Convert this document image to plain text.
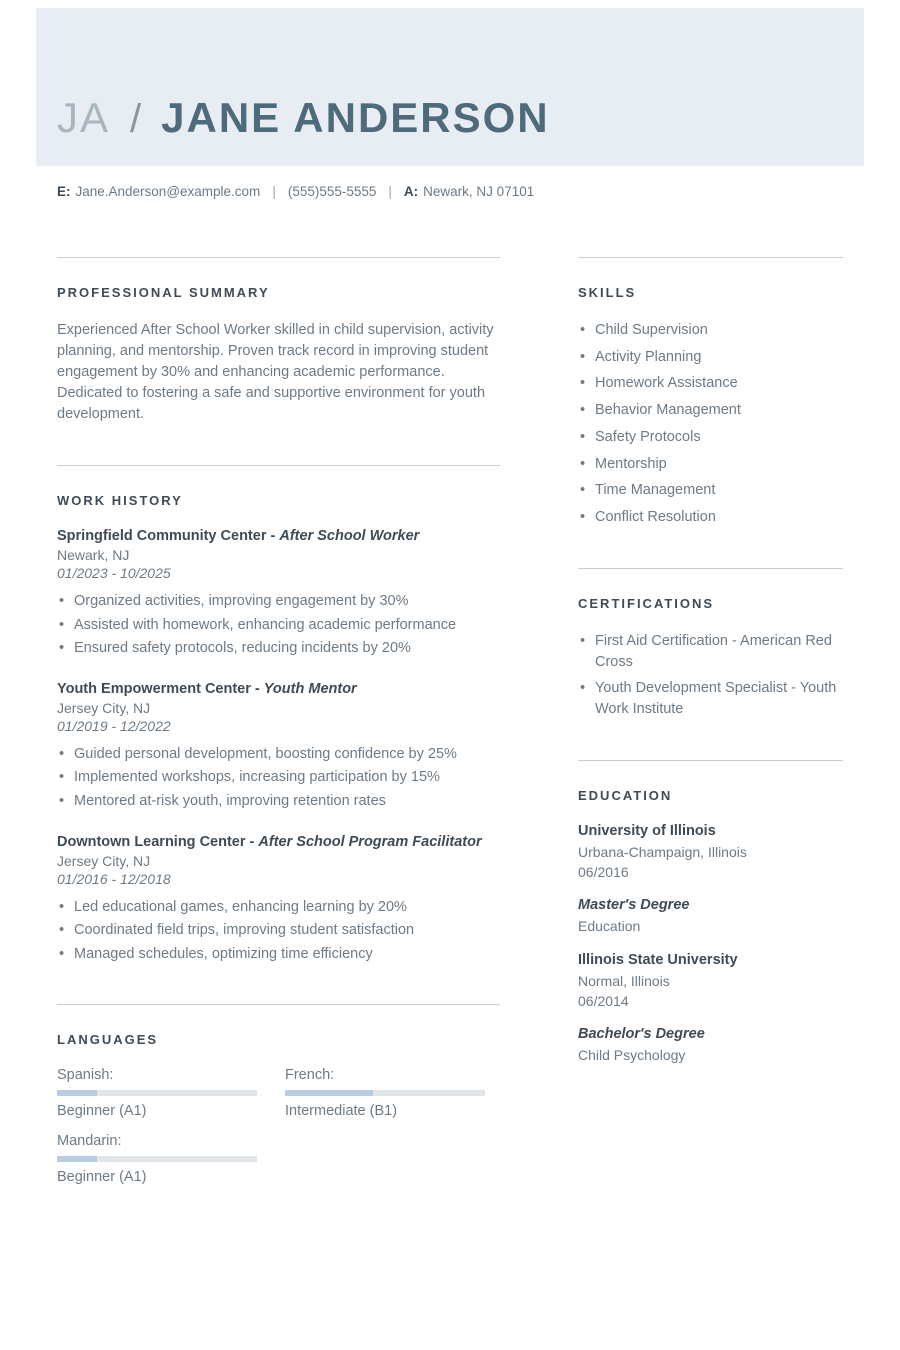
JA / JANE ANDERSON
E: Jane.Anderson@example.com | (555)555-5555 | A: Newark, NJ 07101
PROFESSIONAL SUMMARY

Experienced After School Worker skilled in child supervision, activity planning, and mentorship. Proven track record in improving student engagement by 30% and enhancing academic performance. Dedicated to fostering a safe and supportive environment for youth development.

WORK HISTORY
Springfield Community Center - After School Worker
Newark, NJ
01/2023 - 10/2025
• Organized activities, improving engagement by 30%
• Assisted with homework, enhancing academic performance
• Ensured safety protocols, reducing incidents by 20%
Youth Empowerment Center - Youth Mentor
Jersey City, NJ
01/2019 - 12/2022
• Guided personal development, boosting confidence by 25%
• Implemented workshops, increasing participation by 15%
• Mentored at-risk youth, improving retention rates
Downtown Learning Center - After School Program Facilitator
Jersey City, NJ
01/2016 - 12/2018
• Led educational games, enhancing learning by 20%
• Coordinated field trips, improving student satisfaction
• Managed schedules, optimizing time efficiency
LANGUAGES
Spanish:
Beginner (A1)
French:
Intermediate (B1)
Mandarin:
Beginner (A1)
SKILLS
• Child Supervision
• Activity Planning
• Homework Assistance
• Behavior Management
• Safety Protocols
• Mentorship
• Time Management
• Conflict Resolution
CERTIFICATIONS
• First Aid Certification - American Red Cross
• Youth Development Specialist - Youth Work Institute
EDUCATION
University of Illinois
Urbana-Champaign, Illinois
06/2016
Master's Degree
Education
Illinois State University
Normal, Illinois
06/2014
Bachelor's Degree
Child Psychology
